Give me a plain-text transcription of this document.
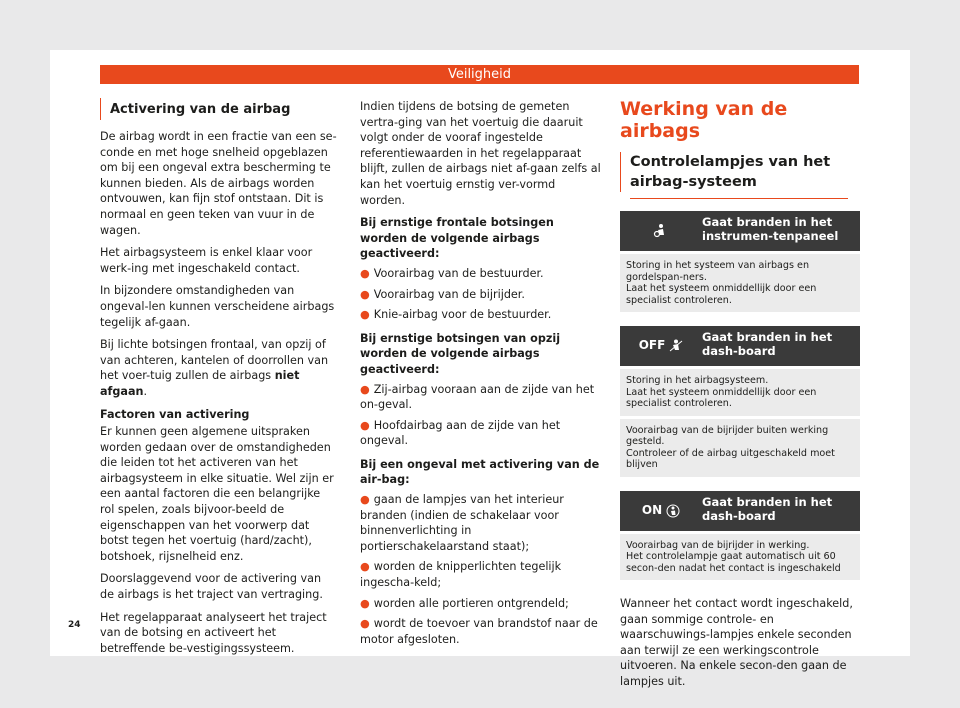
Veiligheid
Activering van de airbag

De airbag wordt in een fractie van een se-conde en met hoge snelheid opgeblazen om bij een ongeval extra bescherming te kunnen bieden. Als de airbags worden ontvouwen, kan fijn stof ontstaan. Dit is normaal en geen teken van vuur in de wagen.

Het airbagsysteem is enkel klaar voor werk-ing met ingeschakeld contact.

In bijzondere omstandigheden van ongeval-len kunnen verscheidene airbags tegelijk af-gaan.

Bij lichte botsingen frontaal, van opzij of van achteren, kantelen of doorrollen van het voer-tuig zullen de airbags niet afgaan.

Factoren van activering

Er kunnen geen algemene uitspraken worden gedaan over de omstandigheden die leiden tot het activeren van het airbagsysteem in elke situatie. Wel zijn er een aantal factoren die een belangrijke rol spelen, zoals bijvoor-beeld de eigenschappen van het voorwerp dat botst tegen het voertuig (hard/zacht), botshoek, rijsnelheid enz.

Doorslaggevend voor de activering van de airbags is het traject van vertraging.

Het regelapparaat analyseert het traject van de botsing en activeert het betreffende be-vestigingssysteem.

Indien tijdens de botsing de gemeten vertra-ging van het voertuig die daaruit volgt onder de vooraf ingestelde referentiewaarden in het regelapparaat blijft, zullen de airbags niet af-gaan zelfs al kan het voertuig ernstig ver-vormd worden.

Bij ernstige frontale botsingen worden de volgende airbags geactiveerd:
● Voorairbag van de bestuurder.
● Voorairbag van de bijrijder.
● Knie-airbag voor de bestuurder.
Bij ernstige botsingen van opzij worden de volgende airbags geactiveerd:
● Zij-airbag vooraan aan de zijde van het on-geval.
● Hoofdairbag aan de zijde van het ongeval.
Bij een ongeval met activering van de air-bag:
● gaan de lampjes van het interieur branden (indien de schakelaar voor binnenverlichting in portierschakelaarstand staat);
● worden de knipperlichten tegelijk ingescha-keld;
● worden alle portieren ontgrendeld;
● wordt de toevoer van brandstof naar de motor afgesloten.
Werking van de airbags
Controlelampjes van het airbag-systeem
Gaat branden in het instrumen-tenpaneel
Storing in het systeem van airbags en gordelspan-ners.
Laat het systeem onmiddellijk door een specialist controleren.
OFF
Gaat branden in het dash-board
Storing in het airbagsysteem.
Laat het systeem onmiddellijk door een specialist controleren.
Voorairbag van de bijrijder buiten werking gesteld.
Controleer of de airbag uitgeschakeld moet blijven
ON
Gaat branden in het dash-board
Voorairbag van de bijrijder in werking.
Het controlelampje gaat automatisch uit 60 secon-den nadat het contact is ingeschakeld

Wanneer het contact wordt ingeschakeld, gaan sommige controle- en waarschuwings-lampjes enkele seconden aan terwijl ze een werkingscontrole uitvoeren. Na enkele secon-den gaan de lampjes uit.

24
